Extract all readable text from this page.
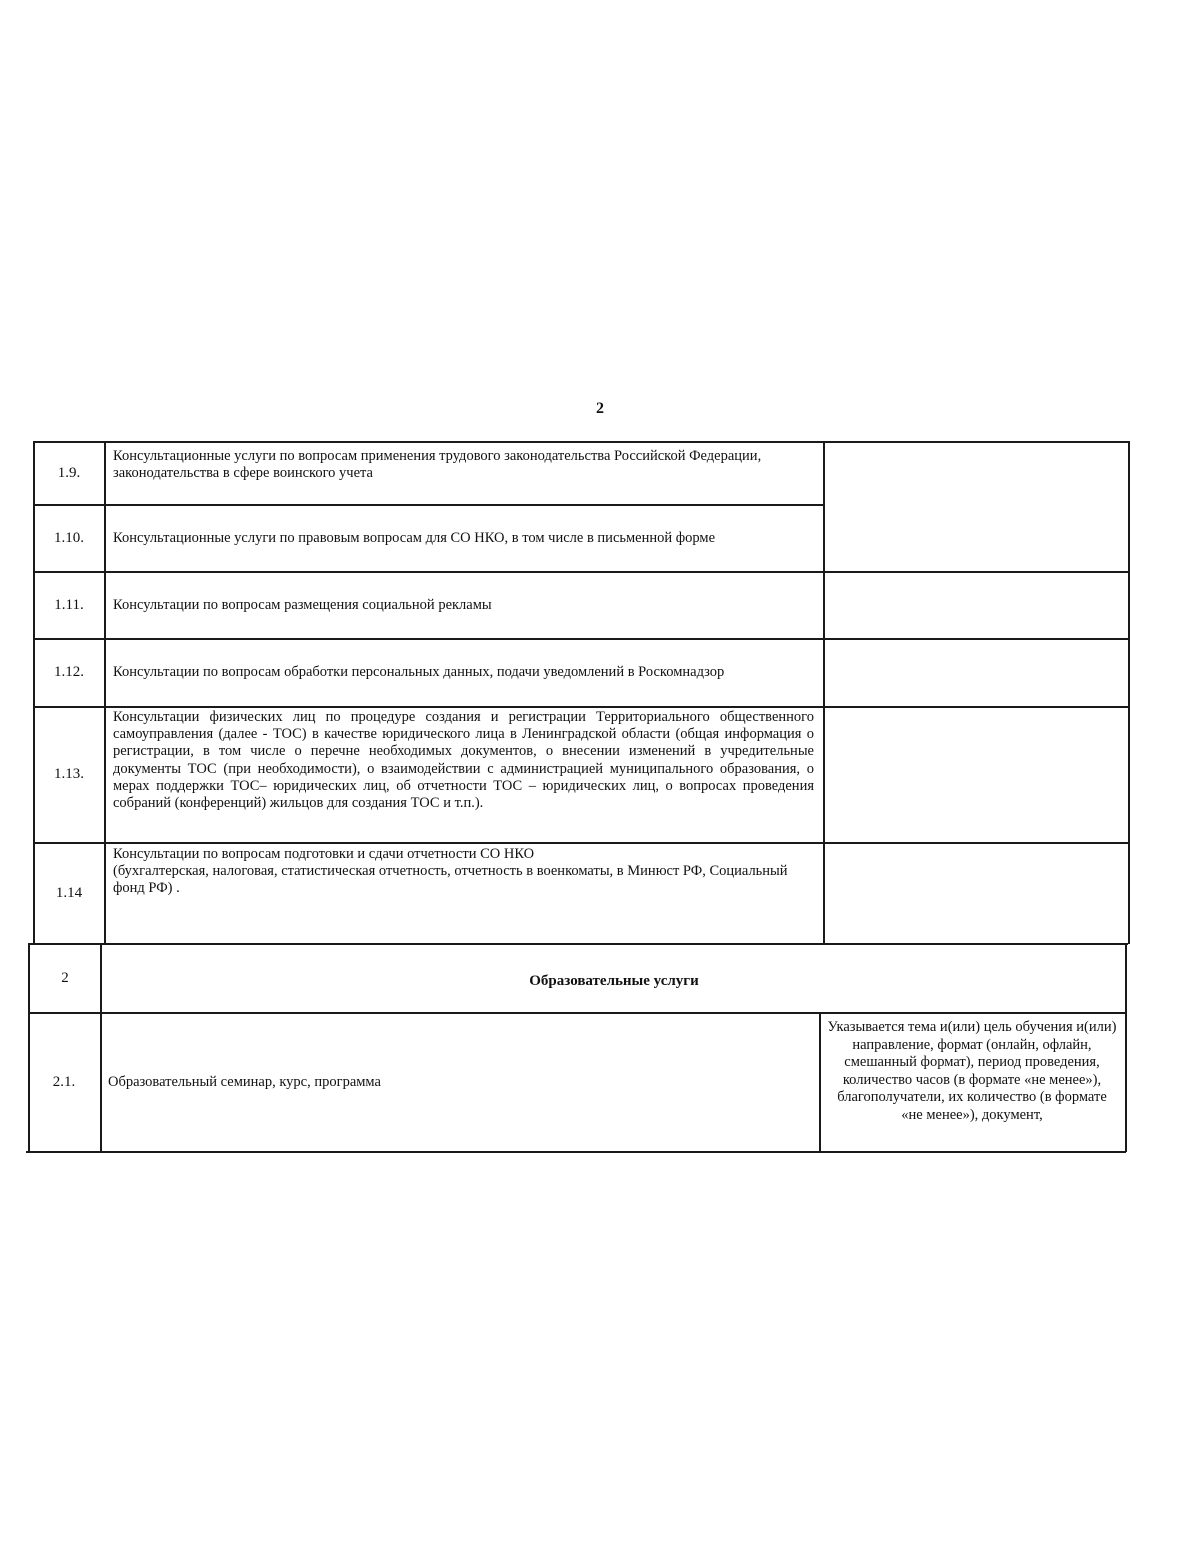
2
1.9.
Консультационные услуги по вопросам применения трудового законодательства Российской Федерации, законодательства в сфере воинского учета
1.10. Консультационные услуги по правовым вопросам для СО НКО, в том числе в письменной форме
1.11. Консультации по вопросам размещения социальной рекламы
1.12. Консультации по вопросам обработки персональных данных, подачи уведомлений в Роскомнадзор
1.13.
Консультации физических лиц по процедуре создания и регистрации Территориального общественного самоуправления (далее - ТОС) в качестве юридического лица в Ленинградской области (общая информация о регистрации, в том числе о перечне необходимых документов, о внесении изменений в учредительные документы ТОС (при необходимости), о взаимодействии с администрацией муниципального образования, о мерах поддержки ТОС– юридических лиц, об отчетности ТОС – юридических лиц, о вопросах проведения собраний (конференций) жильцов для создания ТОС и т.п.).
1.14
Консультации по вопросам подготовки и сдачи отчетности СО НКО
(бухгалтерская, налоговая, статистическая отчетность, отчетность в военкоматы, в Минюст РФ, Социальный фонд РФ) .
2	Образовательные услуги
2.1. Образовательный семинар, курс, программа
Указывается тема и(или) цель обучения и(или) направление, формат (онлайн, офлайн, смешанный формат), период проведения, количество часов (в формате «не менее»), благополучатели, их количество (в формате «не менее»), документ,
